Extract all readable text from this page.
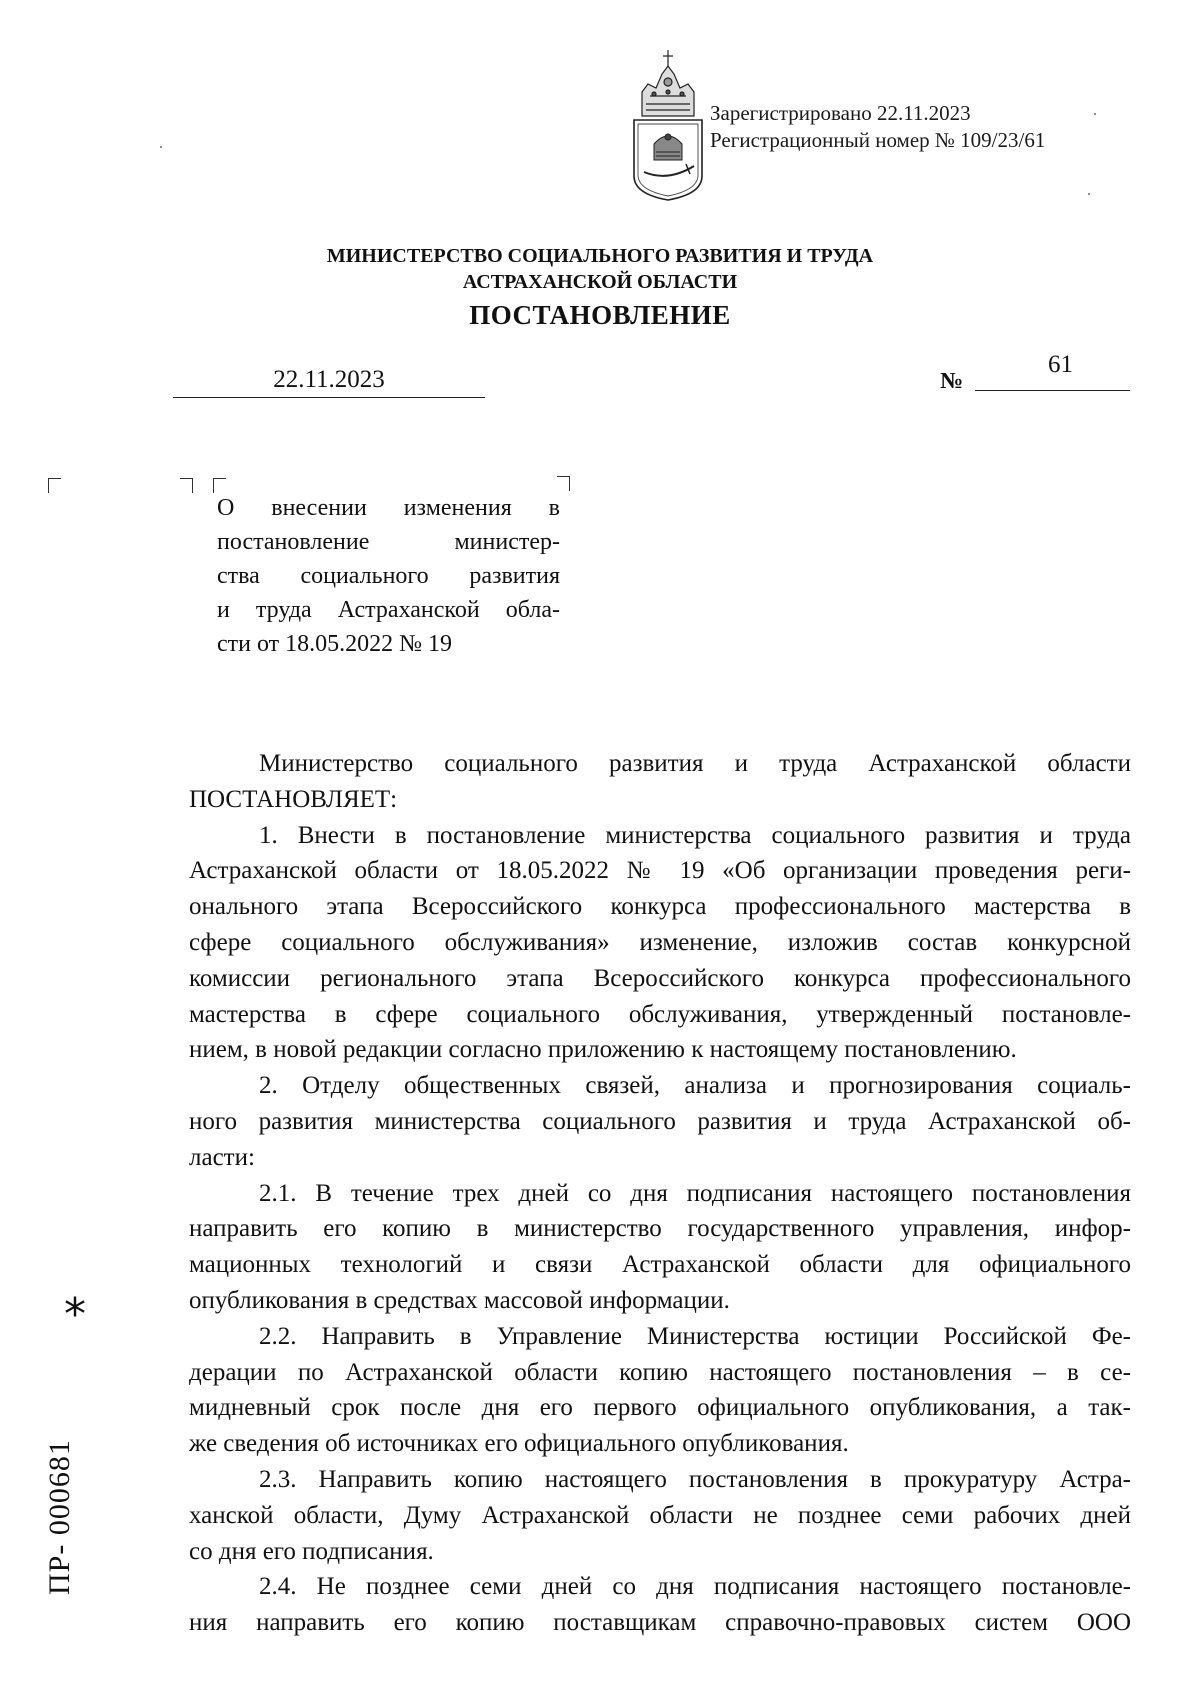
Зарегистрировано 22.11.2023
Регистрационный номер № 109/23/61
МИНИСТЕРСТВО СОЦИАЛЬНОГО РАЗВИТИЯ И ТРУДА
АСТРАХАНСКОЙ ОБЛАСТИ
ПОСТАНОВЛЕНИЕ
22.11.2023	№
61
О внесении изменения в
постановление министер-
ства социального развития
и труда Астраханской обла-
сти от 18.05.2022 № 19
Министерство социального развития и труда Астраханской области
ПОСТАНОВЛЯЕТ:
1. Внести в постановление министерства социального развития и труда
Астраханской области от 18.05.2022 № 19 «Об организации проведения реги-
онального этапа Всероссийского конкурса профессионального мастерства в
сфере социального обслуживания» изменение, изложив состав конкурсной
комиссии регионального этапа Всероссийского конкурса профессионального
мастерства в сфере социального обслуживания, утвержденный постановле-
нием, в новой редакции согласно приложению к настоящему постановлению.
2. Отделу общественных связей, анализа и прогнозирования социаль-
ного развития министерства социального развития и труда Астраханской об-
ласти:
2.1. В течение трех дней со дня подписания настоящего постановления
направить его копию в министерство государственного управления, инфор-
мационных технологий и связи Астраханской области для официального
опубликования в средствах массовой информации.
2.2. Направить в Управление Министерства юстиции Российской Фе-
дерации по Астраханской области копию настоящего постановления – в се-
мидневный срок после дня его первого официального опубликования, а так-
же сведения об источниках его официального опубликования.
2.3. Направить копию настоящего постановления в прокуратуру Астра-
ханской области, Думу Астраханской области не позднее семи рабочих дней
со дня его подписания.
2.4. Не позднее семи дней со дня подписания настоящего постановле-
ния направить его копию поставщикам справочно-правовых систем ООО
*
ПР- 000681
